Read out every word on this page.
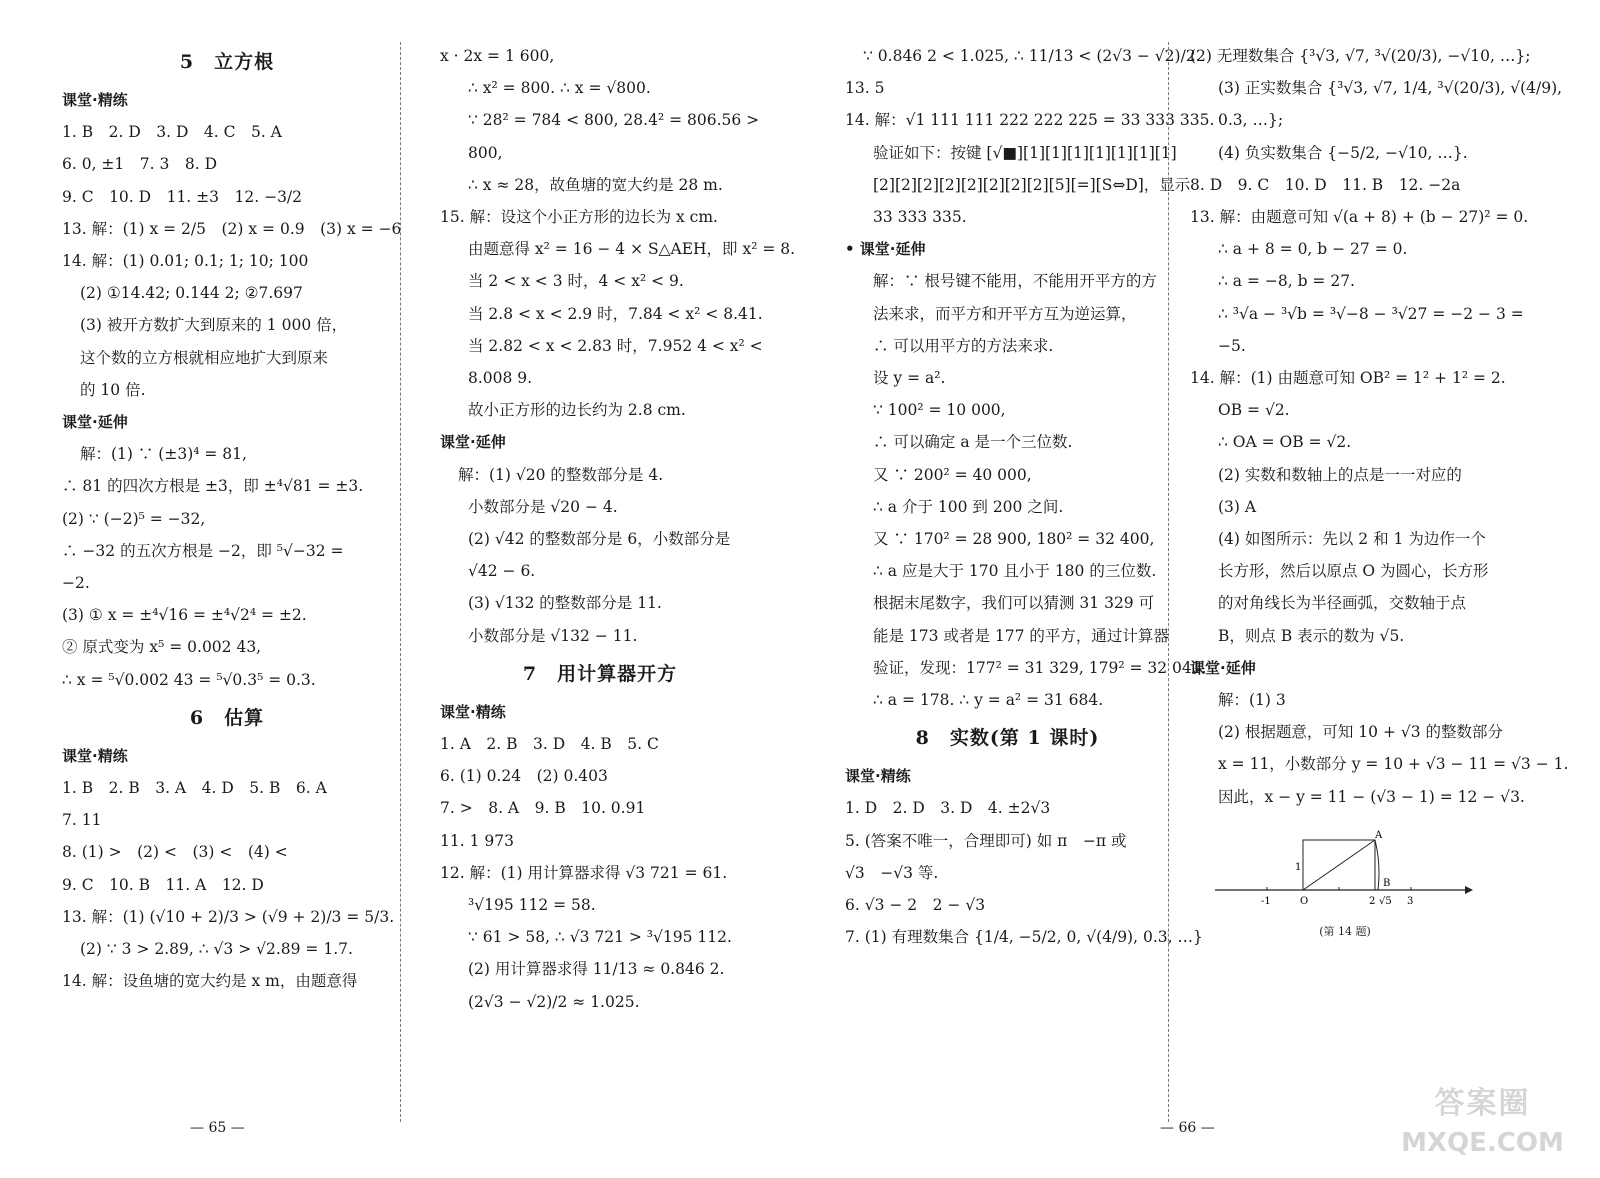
5　立方根
课堂·精练
1. B　2. D　3. D　4. C　5. A
6. 0, ±1　7. 3　8. D
9. C　10. D　11. ±3　12. −3/2
13. 解：(1) x = 2/5　(2) x = 0.9　(3) x = −6
14. 解：(1) 0.01; 0.1; 1; 10; 100
(2) ①14.42; 0.144 2; ②7.697
(3) 被开方数扩大到原来的 1 000 倍，
这个数的立方根就相应地扩大到原来
的 10 倍.
课堂·延伸
解：(1) ∵ (±3)⁴ = 81,
∴ 81 的四次方根是 ±3，即 ±⁴√81 = ±3.
(2) ∵ (−2)⁵ = −32,
∴ −32 的五次方根是 −2，即 ⁵√−32 =
−2.
(3) ① x = ±⁴√16 = ±⁴√2⁴ = ±2.
② 原式变为 x⁵ = 0.002 43,
∴ x = ⁵√0.002 43 = ⁵√0.3⁵ = 0.3.
6　估算
课堂·精练
1. B　2. B　3. A　4. D　5. B　6. A
7. 11
8. (1) >　(2) <　(3) <　(4) <
9. C　10. B　11. A　12. D
13. 解：(1) (√10 + 2)/3 > (√9 + 2)/3 = 5/3.
(2) ∵ 3 > 2.89, ∴ √3 > √2.89 = 1.7.
14. 解：设鱼塘的宽大约是 x m，由题意得
x · 2x = 1 600,
∴ x² = 800. ∴ x = √800.
∵ 28² = 784 < 800, 28.4² = 806.56 >
800,
∴ x ≈ 28，故鱼塘的宽大约是 28 m.
15. 解：设这个小正方形的边长为 x cm.
由题意得 x² = 16 − 4 × S△AEH，即 x² = 8.
当 2 < x < 3 时，4 < x² < 9.
当 2.8 < x < 2.9 时，7.84 < x² < 8.41.
当 2.82 < x < 2.83 时，7.952 4 < x² <
8.008 9.
故小正方形的边长约为 2.8 cm.
课堂·延伸
解：(1) √20 的整数部分是 4.
小数部分是 √20 − 4.
(2) √42 的整数部分是 6，小数部分是
√42 − 6.
(3) √132 的整数部分是 11.
小数部分是 √132 − 11.
7　用计算器开方
课堂·精练
1. A　2. B　3. D　4. B　5. C
6. (1) 0.24　(2) 0.403
7. >　8. A　9. B　10. 0.91
11. 1 973
12. 解：(1) 用计算器求得 √3 721 = 61.
³√195 112 = 58.
∵ 61 > 58, ∴ √3 721 > ³√195 112.
(2) 用计算器求得 11/13 ≈ 0.846 2.
(2√3 − √2)/2 ≈ 1.025.
∵ 0.846 2 < 1.025, ∴ 11/13 < (2√3 − √2)/2.
13. 5
14. 解：√1 111 111 222 222 225 = 33 333 335.
验证如下：按键 [√■][1][1][1][1][1][1][1]
[2][2][2][2][2][2][2][2][5][=][S⇔D]，显示
33 333 335.
• 课堂·延伸
解：∵ 根号键不能用，不能用开平方的方
法来求，而平方和开平方互为逆运算，
∴ 可以用平方的方法来求.
设 y = a².
∵ 100² = 10 000,
∴ 可以确定 a 是一个三位数.
又 ∵ 200² = 40 000,
∴ a 介于 100 到 200 之间.
又 ∵ 170² = 28 900, 180² = 32 400,
∴ a 应是大于 170 且小于 180 的三位数.
根据末尾数字，我们可以猜测 31 329 可
能是 173 或者是 177 的平方，通过计算器
验证，发现：177² = 31 329, 179² = 32 041.
∴ a = 178. ∴ y = a² = 31 684.
8　实数(第 1 课时)
课堂·精练
1. D　2. D　3. D　4. ±2√3
5. (答案不唯一，合理即可) 如 π　−π 或
√3　−√3 等.
6. √3 − 2　2 − √3
7. (1) 有理数集合 {1/4, −5/2, 0, √(4/9), 0.3, …}
(2) 无理数集合 {³√3, √7, ³√(20/3), −√10, …};
(3) 正实数集合 {³√3, √7, 1/4, ³√(20/3), √(4/9),
0.3, …};
(4) 负实数集合 {−5/2, −√10, …}.
8. D　9. C　10. D　11. B　12. −2a
13. 解：由题意可知 √(a + 8) + (b − 27)² = 0.
∴ a + 8 = 0, b − 27 = 0.
∴ a = −8, b = 27.
∴ ³√a − ³√b = ³√−8 − ³√27 = −2 − 3 =
−5.
14. 解：(1) 由题意可知 OB² = 1² + 1² = 2.
OB = √2.
∴ OA = OB = √2.
(2) 实数和数轴上的点是一一对应的
(3) A
(4) 如图所示：先以 2 和 1 为边作一个
长方形，然后以原点 O 为圆心，长方形
的对角线长为半径画弧，交数轴于点
B，则点 B 表示的数为 √5.
课堂·延伸
解：(1) 3
(2) 根据题意，可知 10 + √3 的整数部分
x = 11，小数部分 y = 10 + √3 − 11 = √3 − 1.
因此，x − y = 11 − (√3 − 1) = 12 − √3.
A
1
O
-1	2 √5
B
3
(第 14 题)
— 65 —	— 66 —
答案圈
MXQE.COM
